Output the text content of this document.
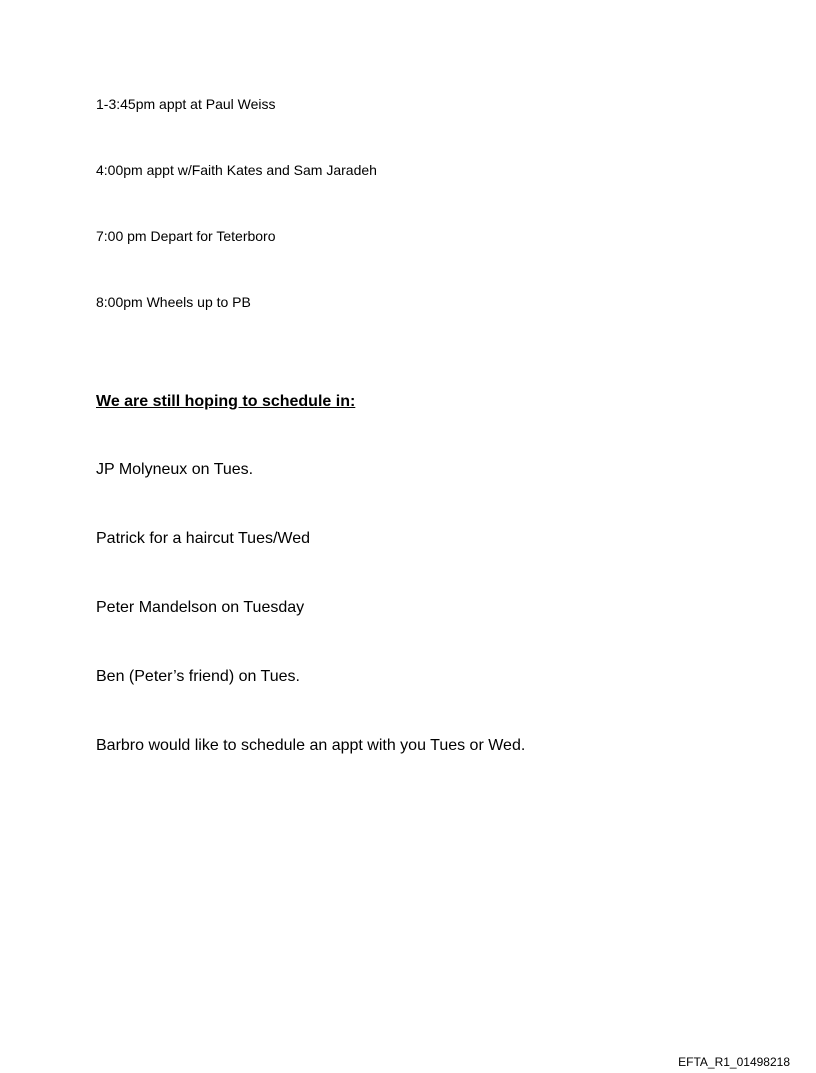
1-3:45pm appt at Paul Weiss

4:00pm appt w/Faith Kates and Sam Jaradeh

7:00 pm Depart for Teterboro

8:00pm Wheels up to PB

We are still hoping to schedule in:

JP Molyneux on Tues.

Patrick for a haircut Tues/Wed

Peter Mandelson on Tuesday

Ben (Peter’s friend) on Tues.

Barbro would like to schedule an appt with you Tues or Wed.

EFTA_R1_01498218
